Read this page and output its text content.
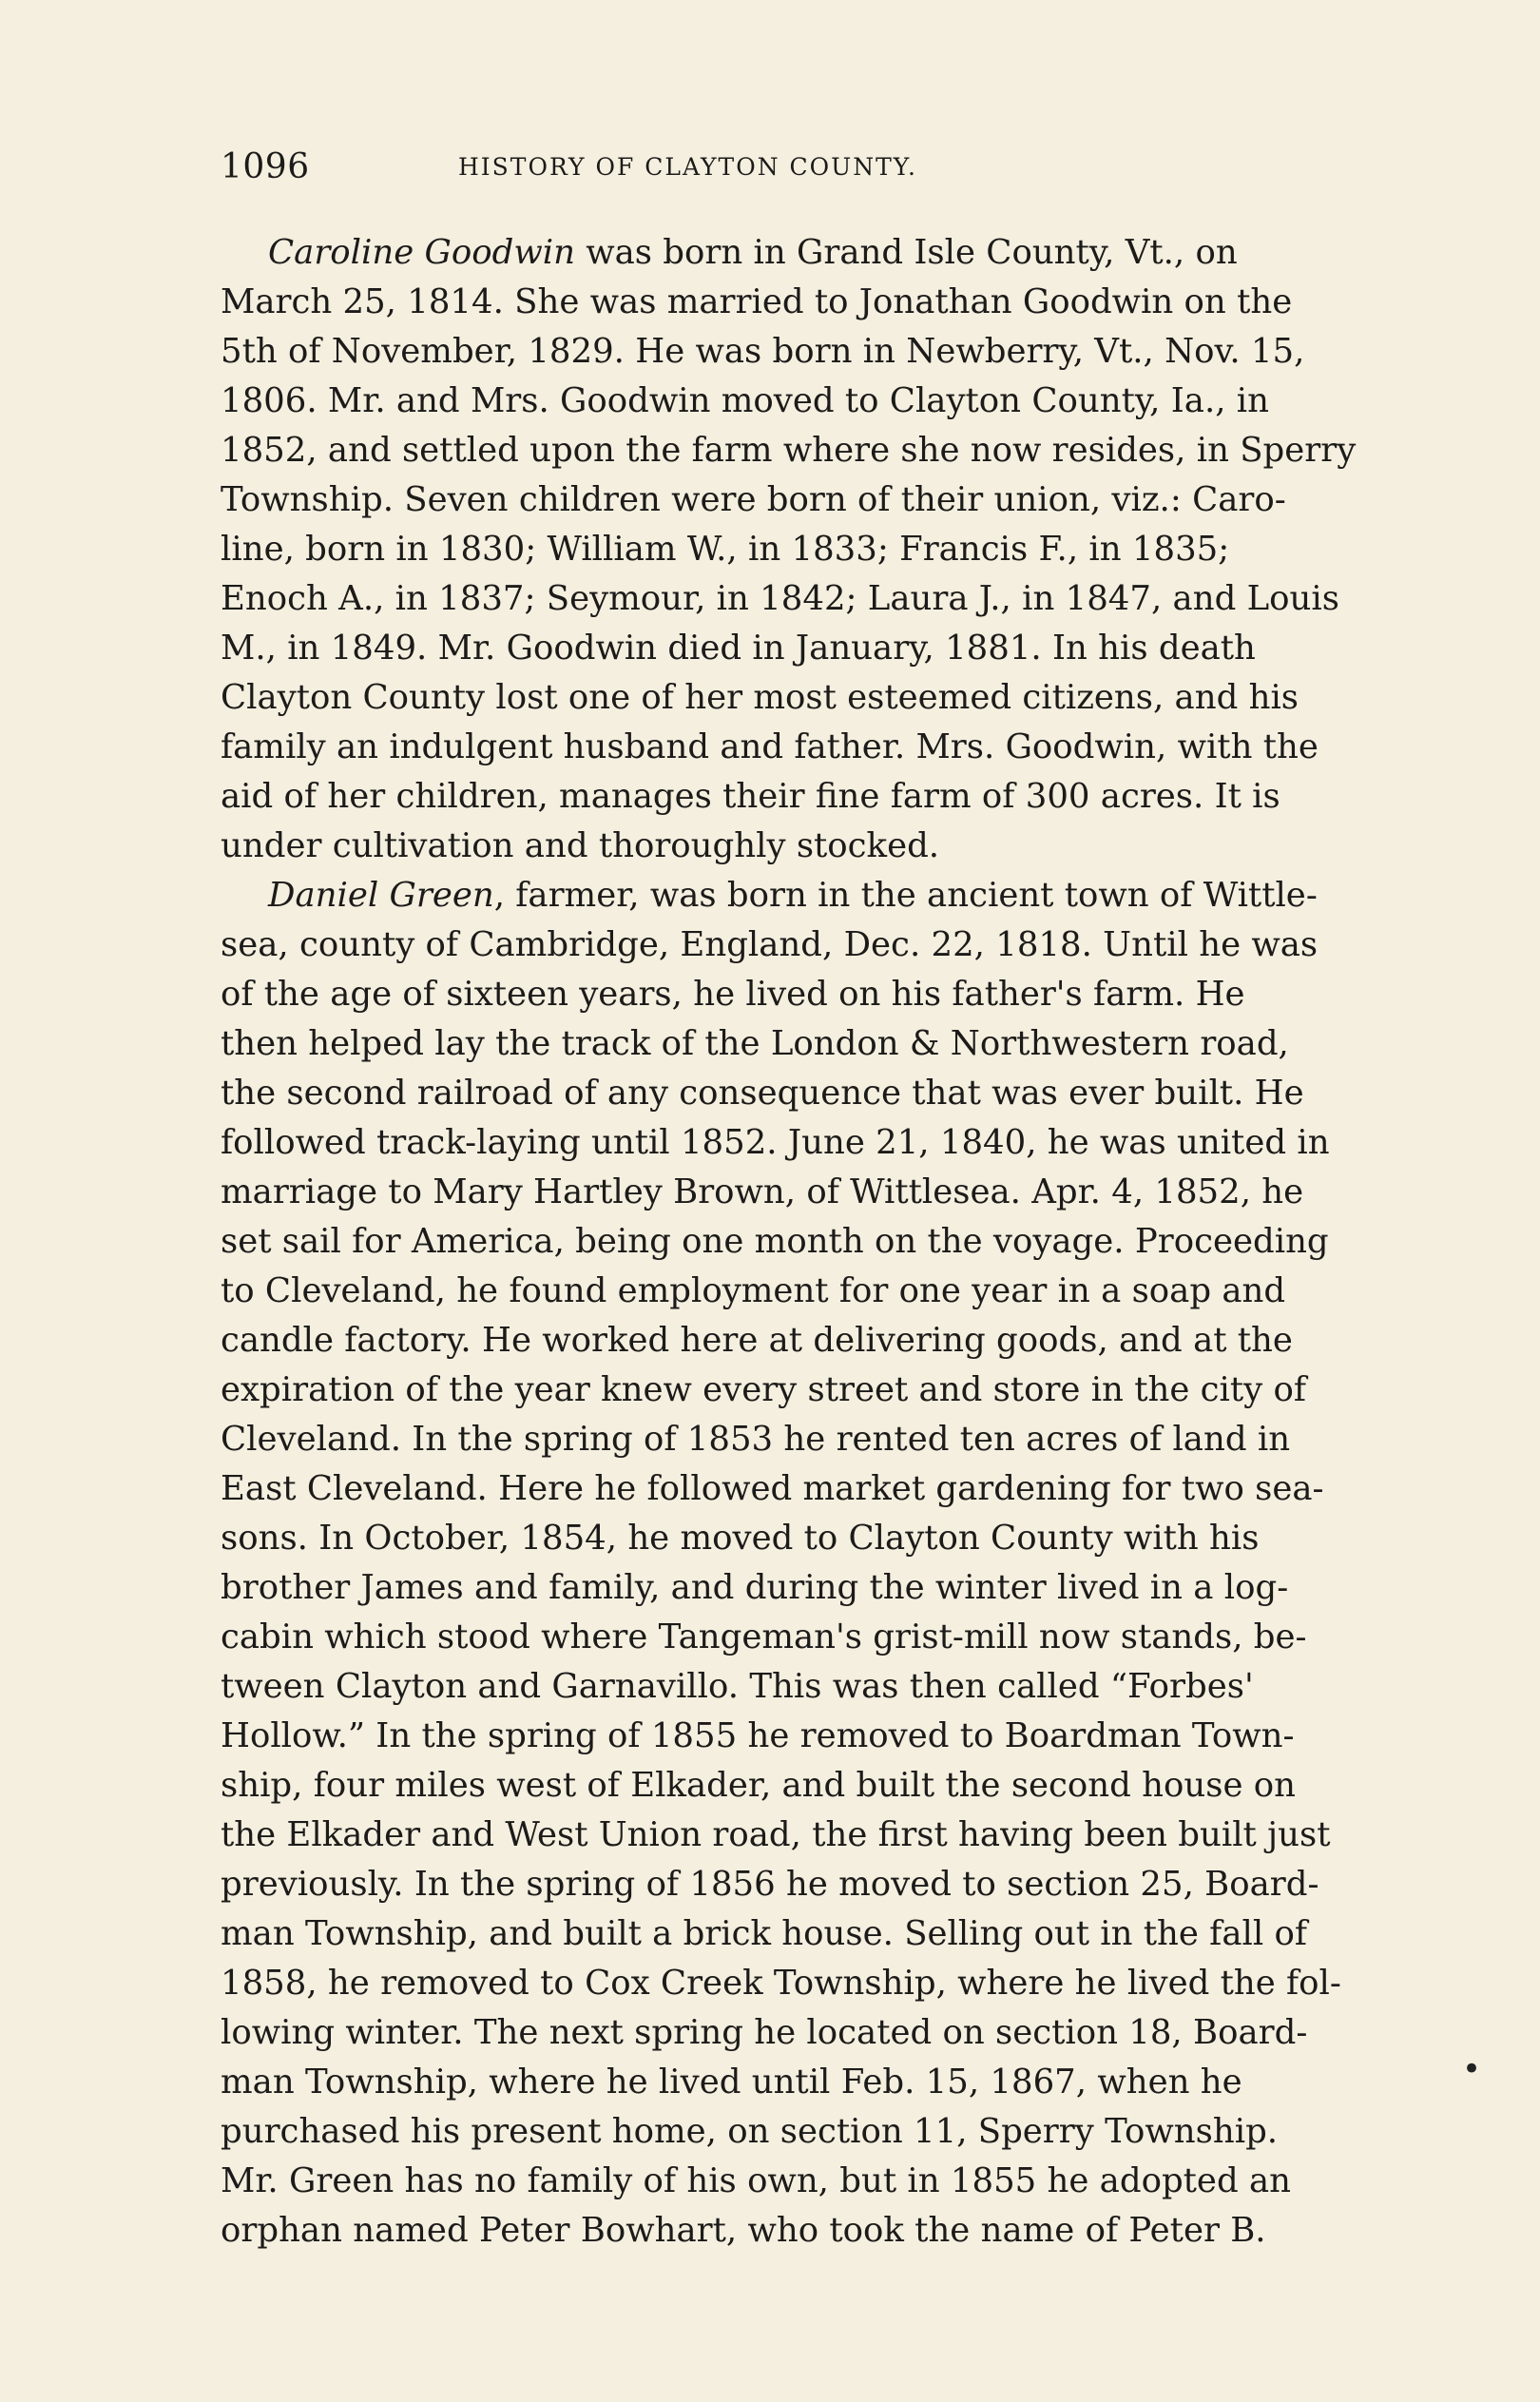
1096	HISTORY OF CLAYTON COUNTY.
Caroline Goodwin was born in Grand Isle County, Vt., on
March 25, 1814. She was married to Jonathan Goodwin on the
5th of November, 1829. He was born in Newberry, Vt., Nov. 15,
1806. Mr. and Mrs. Goodwin moved to Clayton County, Ia., in
1852, and settled upon the farm where she now resides, in Sperry
Township. Seven children were born of their union, viz.: Caro-
line, born in 1830; William W., in 1833; Francis F., in 1835;
Enoch A., in 1837; Seymour, in 1842; Laura J., in 1847, and Louis
M., in 1849. Mr. Goodwin died in January, 1881. In his death
Clayton County lost one of her most esteemed citizens, and his
family an indulgent husband and father. Mrs. Goodwin, with the
aid of her children, manages their fine farm of 300 acres. It is
under cultivation and thoroughly stocked.
Daniel Green, farmer, was born in the ancient town of Wittle-
sea, county of Cambridge, England, Dec. 22, 1818. Until he was
of the age of sixteen years, he lived on his father's farm. He
then helped lay the track of the London & Northwestern road,
the second railroad of any consequence that was ever built. He
followed track-laying until 1852. June 21, 1840, he was united in
marriage to Mary Hartley Brown, of Wittlesea. Apr. 4, 1852, he
set sail for America, being one month on the voyage. Proceeding
to Cleveland, he found employment for one year in a soap and
candle factory. He worked here at delivering goods, and at the
expiration of the year knew every street and store in the city of
Cleveland. In the spring of 1853 he rented ten acres of land in
East Cleveland. Here he followed market gardening for two sea-
sons. In October, 1854, he moved to Clayton County with his
brother James and family, and during the winter lived in a log-
cabin which stood where Tangeman's grist-mill now stands, be-
tween Clayton and Garnavillo. This was then called “Forbes'
Hollow.” In the spring of 1855 he removed to Boardman Town-
ship, four miles west of Elkader, and built the second house on
the Elkader and West Union road, the first having been built just
previously. In the spring of 1856 he moved to section 25, Board-
man Township, and built a brick house. Selling out in the fall of
1858, he removed to Cox Creek Township, where he lived the fol-
lowing winter. The next spring he located on section 18, Board-
man Township, where he lived until Feb. 15, 1867, when he
purchased his present home, on section 11, Sperry Township.
Mr. Green has no family of his own, but in 1855 he adopted an
orphan named Peter Bowhart, who took the name of Peter B.
•
